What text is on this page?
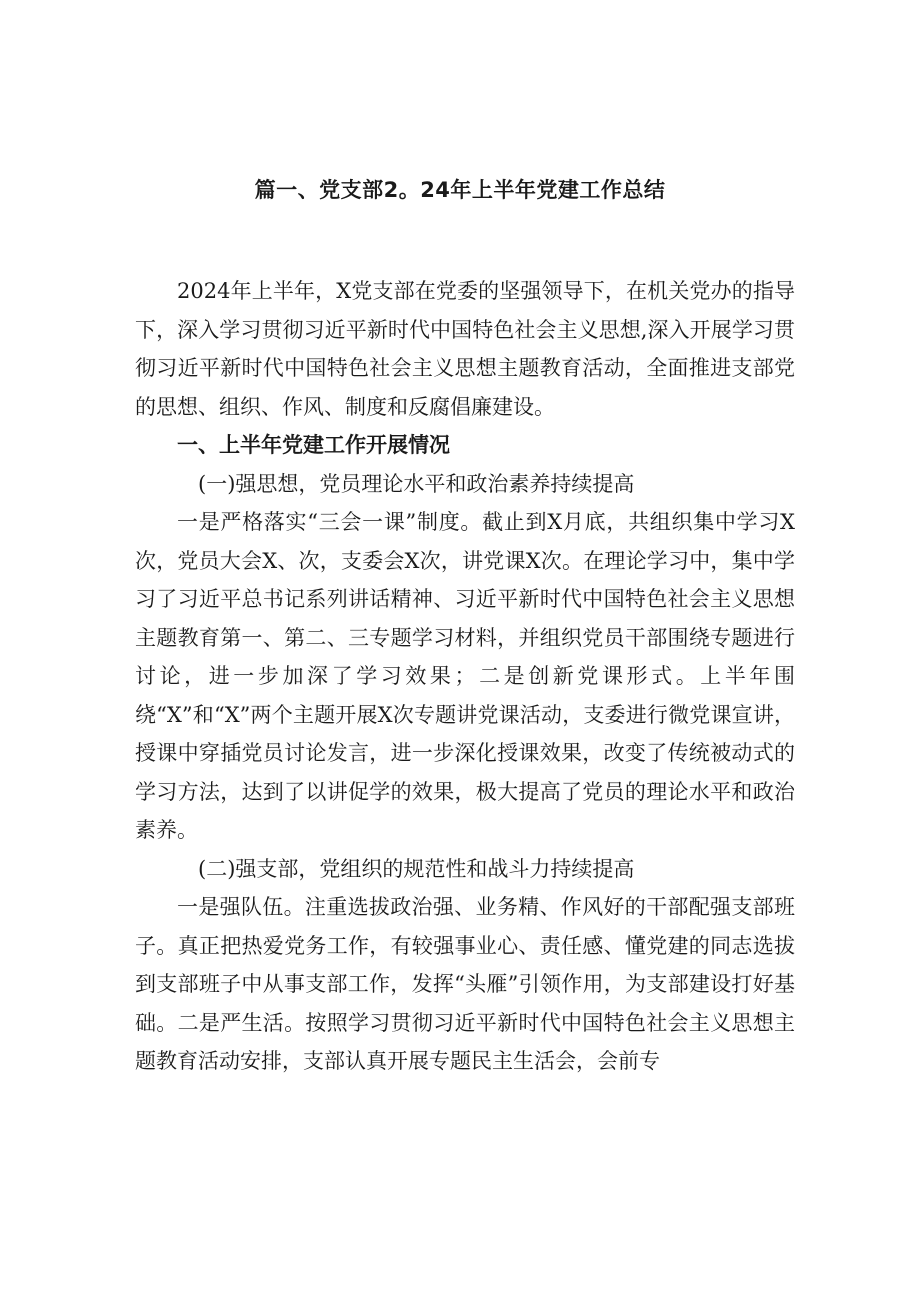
篇一、党支部2。24年上半年党建工作总结

2024年上半年，X党支部在党委的坚强领导下，在机关党办的指导下，深入学习贯彻习近平新时代中国特色社会主义思想,深入开展学习贯彻习近平新时代中国特色社会主义思想主题教育活动，全面推进支部党的思想、组织、作风、制度和反腐倡廉建设。

一、上半年党建工作开展情况

(一)强思想，党员理论水平和政治素养持续提高

一是严格落实“三会一课”制度。截止到X月底，共组织集中学习X次，党员大会X、次，支委会X次，讲党课X次。在理论学习中，集中学习了习近平总书记系列讲话精神、习近平新时代中国特色社会主义思想主题教育第一、第二、三专题学习材料，并组织党员干部围绕专题进行讨论，进一步加深了学习效果；二是创新党课形式。上半年围绕“X”和“X”两个主题开展X次专题讲党课活动，支委进行微党课宣讲，授课中穿插党员讨论发言，进一步深化授课效果，改变了传统被动式的学习方法，达到了以讲促学的效果，极大提高了党员的理论水平和政治素养。

(二)强支部，党组织的规范性和战斗力持续提高

一是强队伍。注重选拔政治强、业务精、作风好的干部配强支部班子。真正把热爱党务工作，有较强事业心、责任感、懂党建的同志选拔到支部班子中从事支部工作，发挥“头雁”引领作用，为支部建设打好基础。二是严生活。按照学习贯彻习近平新时代中国特色社会主义思想主题教育活动安排，支部认真开展专题民主生活会，会前专
